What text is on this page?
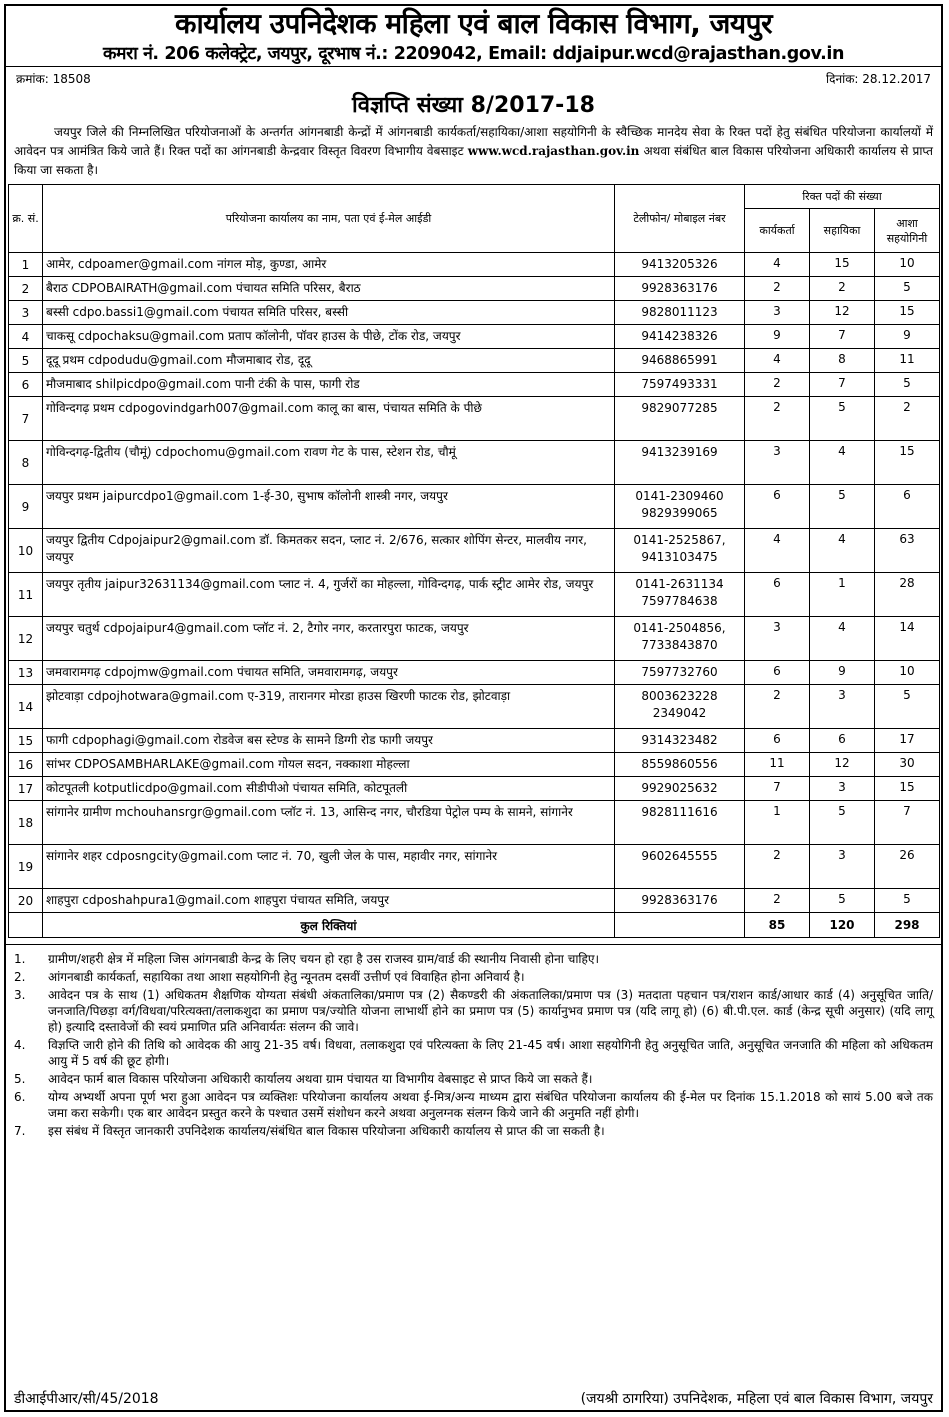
कार्यालय उपनिदेशक महिला एवं बाल विकास विभाग, जयपुर
कमरा नं. 206 कलेक्ट्रेट, जयपुर, दूरभाष नं.: 2209042, Email: ddjaipur.wcd@rajasthan.gov.in
क्रमांक: 18508	दिनांक: 28.12.2017
विज्ञप्ति संख्या 8/2017-18
जयपुर जिले की निम्नलिखित परियोजनाओं के अन्तर्गत आंगनबाडी केन्द्रों में आंगनबाडी कार्यकर्ता/सहायिका/आशा सहयोगिनी के स्वैच्छिक मानदेय सेवा के रिक्त पदों हेतु संबंधित परियोजना कार्यालयों में आवेदन पत्र आमंत्रित किये जाते हैं। रिक्त पदों का आंगनबाडी केन्द्रवार विस्तृत विवरण विभागीय वेबसाइट www.wcd.rajasthan.gov.in अथवा संबंधित बाल विकास परियोजना अधिकारी कार्यालय से प्राप्त किया जा सकता है।
क्र. सं.	परियोजना कार्यालय का नाम, पता एवं ई-मेल आईडी	टेलीफोन/ मोबाइल नंबर	रिक्त पदों की संख्या		
			कार्यकर्ता	सहायिका	आशा सहयोगिनी
1	आमेर, cdpoamer@gmail.com नांगल मोड़, कुण्डा, आमेर	9413205326	4	15	10
2	बैराठ CDPOBAIRATH@gmail.com पंचायत समिति परिसर, बैराठ	9928363176	2	2	5
3	बस्सी cdpo.bassi1@gmail.com पंचायत समिति परिसर, बस्सी	9828011123	3	12	15
4	चाकसू cdpochaksu@gmail.com प्रताप कॉलोनी, पॉवर हाउस के पीछे, टोंक रोड, जयपुर	9414238326	9	7	9
5	दूदू प्रथम cdpodudu@gmail.com मौजमाबाद रोड, दूदू	9468865991	4	8	11
6	मौजमाबाद shilpicdpo@gmail.com पानी टंकी के पास, फागी रोड	7597493331	2	7	5
7	गोविन्दगढ़ प्रथम cdpogovindgarh007@gmail.com कालू का बास, पंचायत समिति के पीछे	9829077285	2	5	2
8	गोविन्दगढ़-द्वितीय (चौमूं) cdpochomu@gmail.com रावण गेट के पास, स्टेशन रोड, चौमूं	9413239169	3	4	15
9	जयपुर प्रथम jaipurcdpo1@gmail.com 1-ई-30, सुभाष कॉलोनी शास्त्री नगर, जयपुर	0141-2309460 9829399065	6	5	6
10	जयपुर द्वितीय Cdpojaipur2@gmail.com डॉ. किमतकर सदन, प्लाट नं. 2/676, सत्कार शोपिंग सेन्टर, मालवीय नगर, जयपुर	0141-2525867, 9413103475	4	4	63
11	जयपुर तृतीय jaipur32631134@gmail.com प्लाट नं. 4, गुर्जरों का मोहल्ला, गोविन्दगढ़, पार्क स्ट्रीट आमेर रोड, जयपुर	0141-2631134 7597784638	6	1	28
12	जयपुर चतुर्थ cdpojaipur4@gmail.com प्लॉट नं. 2, टैगोर नगर, करतारपुरा फाटक, जयपुर	0141-2504856, 7733843870	3	4	14
13	जमवारामगढ़ cdpojmw@gmail.com पंचायत समिति, जमवारामगढ़, जयपुर	7597732760	6	9	10
14	झोटवाड़ा cdpojhotwara@gmail.com ए-319, तारानगर मोरडा हाउस खिरणी फाटक रोड, झोटवाड़ा	8003623228 2349042	2	3	5
15	फागी cdpophagi@gmail.com रोडवेज बस स्टेण्ड के सामने डिग्गी रोड फागी जयपुर	9314323482	6	6	17
16	सांभर CDPOSAMBHARLAKE@gmail.com गोयल सदन, नक्काशा मोहल्ला	8559860556	11	12	30
17	कोटपूतली kotputlicdpo@gmail.com सीडीपीओ पंचायत समिति, कोटपूतली	9929025632	7	3	15
18	सांगानेर ग्रामीण mchouhansrgr@gmail.com प्लॉट नं. 13, आसिन्द नगर, चौरडिया पेट्रोल पम्प के सामने, सांगानेर	9828111616	1	5	7
19	सांगानेर शहर cdposngcity@gmail.com प्लाट नं. 70, खुली जेल के पास, महावीर नगर, सांगानेर	9602645555	2	3	26
20	शाहपुरा cdposhahpura1@gmail.com शाहपुरा पंचायत समिति, जयपुर	9928363176	2	5	5
	कुल रिक्तियां		85	120	298
1.	ग्रामीण/शहरी क्षेत्र में महिला जिस आंगनबाडी केन्द्र के लिए चयन हो रहा है उस राजस्व ग्राम/वार्ड की स्थानीय निवासी होना चाहिए।
2.	आंगनबाडी कार्यकर्ता, सहायिका तथा आशा सहयोगिनी हेतु न्यूनतम दसवीं उत्तीर्ण एवं विवाहित होना अनिवार्य है।
3.	आवेदन पत्र के साथ (1) अधिकतम शैक्षणिक योग्यता संबंधी अंकतालिका/प्रमाण पत्र (2) सैकण्डरी की अंकतालिका/प्रमाण पत्र (3) मतदाता पहचान पत्र/राशन कार्ड/आधार कार्ड (4) अनुसूचित जाति/जनजाति/पिछड़ा वर्ग/विधवा/परित्यक्ता/तलाकशुदा का प्रमाण पत्र/ज्योति योजना लाभार्थी होने का प्रमाण पत्र (5) कार्यानुभव प्रमाण पत्र (यदि लागू हो) (6) बी.पी.एल. कार्ड (केन्द्र सूची अनुसार) (यदि लागू हो) इत्यादि दस्तावेजों की स्वयं प्रमाणित प्रति अनिवार्यतः संलग्न की जावे।
4.	विज्ञप्ति जारी होने की तिथि को आवेदक की आयु 21-35 वर्ष। विधवा, तलाकशुदा एवं परित्यक्ता के लिए 21-45 वर्ष। आशा सहयोगिनी हेतु अनुसूचित जाति, अनुसूचित जनजाति की महिला को अधिकतम आयु में 5 वर्ष की छूट होगी।
5.	आवेदन फार्म बाल विकास परियोजना अधिकारी कार्यालय अथवा ग्राम पंचायत या विभागीय वेबसाइट से प्राप्त किये जा सकते हैं।
6.	योग्य अभ्यर्थी अपना पूर्ण भरा हुआ आवेदन पत्र व्यक्तिशः परियोजना कार्यालय अथवा ई-मित्र/अन्य माध्यम द्वारा संबंधित परियोजना कार्यालय की ई-मेल पर दिनांक 15.1.2018 को सायं 5.00 बजे तक जमा करा सकेगी। एक बार आवेदन प्रस्तुत करने के पश्चात उसमें संशोधन करने अथवा अनुलग्नक संलग्न किये जाने की अनुमति नहीं होगी।
7.	इस संबंध में विस्तृत जानकारी उपनिदेशक कार्यालय/संबंधित बाल विकास परियोजना अधिकारी कार्यालय से प्राप्त की जा सकती है।
डीआईपीआर/सी/45/2018	(जयश्री ठागरिया) उपनिदेशक, महिला एवं बाल विकास विभाग, जयपुर
